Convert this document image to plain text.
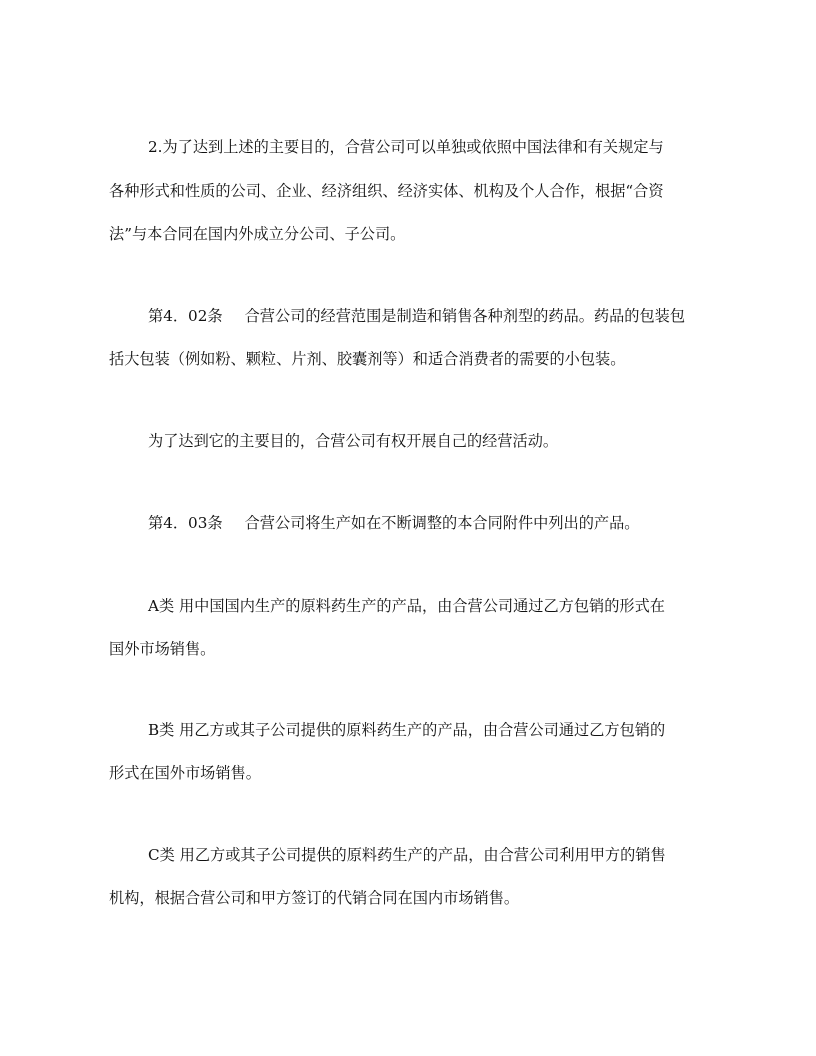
2.为了达到上述的主要目的，合营公司可以单独或依照中国法律和有关规定与
各种形式和性质的公司、企业、经济组织、经济实体、机构及个人合作，根据“合资
法”与本合同在国内外成立分公司、子公司。
第4．02条 合营公司的经营范围是制造和销售各种剂型的药品。药品的包装包
括大包装（例如粉、颗粒、片剂、胶囊剂等）和适合消费者的需要的小包装。
为了达到它的主要目的，合营公司有权开展自己的经营活动。
第4．03条 合营公司将生产如在不断调整的本合同附件中列出的产品。
A类 用中国国内生产的原料药生产的产品，由合营公司通过乙方包销的形式在
国外市场销售。
B类 用乙方或其子公司提供的原料药生产的产品，由合营公司通过乙方包销的
形式在国外市场销售。
C类 用乙方或其子公司提供的原料药生产的产品，由合营公司利用甲方的销售
机构，根据合营公司和甲方签订的代销合同在国内市场销售。
